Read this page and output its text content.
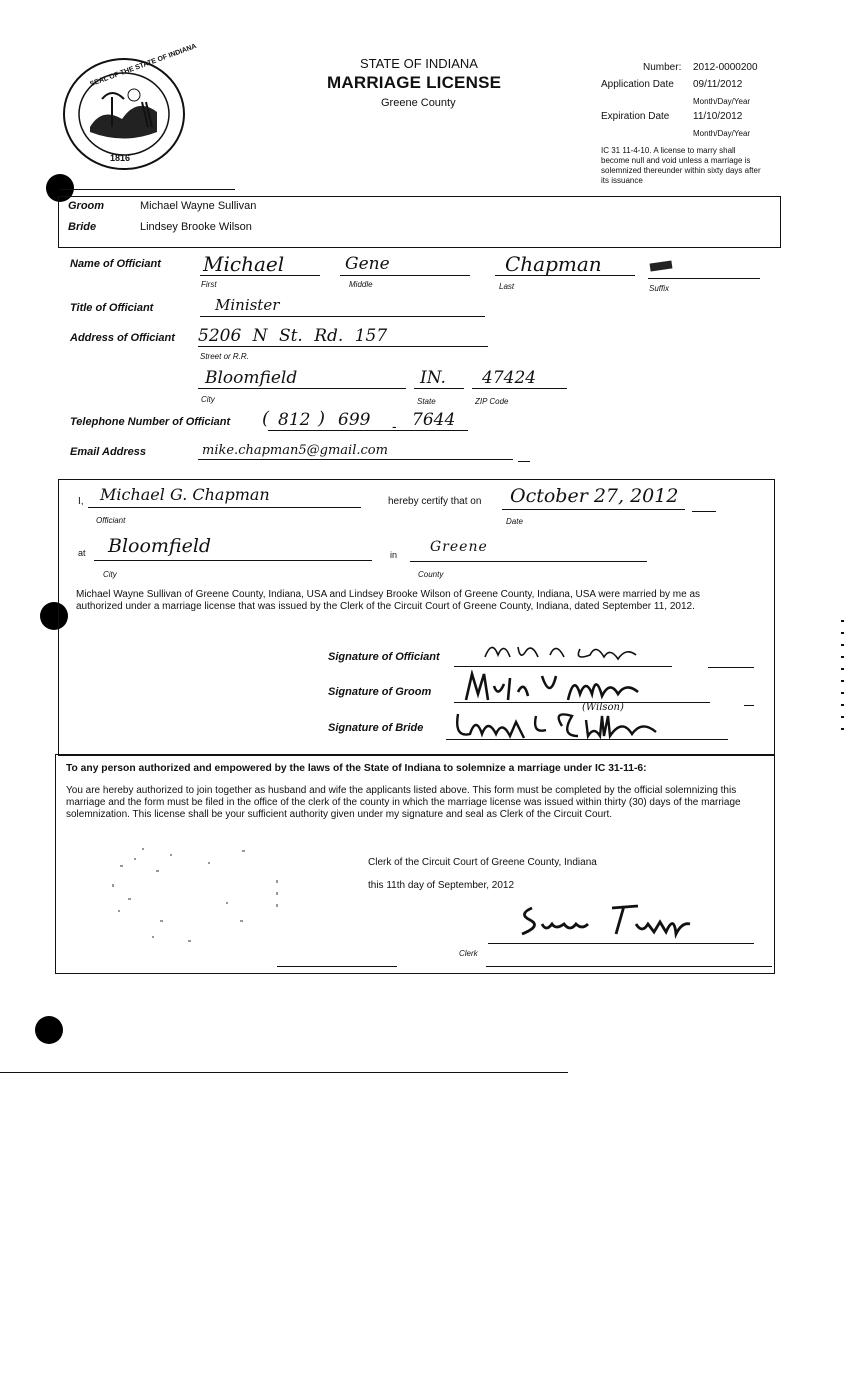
STATE OF INDIANA
MARRIAGE LICENSE
Greene County
SEAL OF THE STATE OF INDIANA
1816
Number: 2012-0000200
Application Date 09/11/2012
Month/Day/Year
Expiration Date 11/10/2012
Month/Day/Year
IC 31 11-4-10. A license to marry shall become null and void unless a marriage is solemnized thereunder within sixty days after its issuance
Groom	Michael Wayne Sullivan
Bride	Lindsey Brooke Wilson
Name of Officiant Michael	Gene	Chapman
First	Middle	Last	Suffix
Title of Officiant	Minister
Address of Officiant 5206 N St. Rd. 157
Street or R.R.
Bloomfield	IN. 47424
City	State	ZIP Code
Telephone Number of Officiant ( 812 ) 699 - 7644
Email Address	mike.chapman5@gmail.com
I, Michael G. Chapman
Officiant
hereby certify that on October 27, 2012
Date
at Bloomfield
City
in Greene
County
Michael Wayne Sullivan of Greene County, Indiana, USA and Lindsey Brooke Wilson of Greene County, Indiana, USA were married by me as authorized under a marriage license that was issued by the Clerk of the Circuit Court of Greene County, Indiana, dated September 11, 2012.
Signature of Officiant
Signature of Groom
(Wilson)
Signature of Bride
To any person authorized and empowered by the laws of the State of Indiana to solemnize a marriage under IC 31-11-6:
You are hereby authorized to join together as husband and wife the applicants listed above. This form must be completed by the official solemnizing this marriage and the form must be filed in the office of the clerk of the county in which the marriage license was issued within thirty (30) days of the marriage solemnization. This license shall be your sufficient authority given under my signature and seal as Clerk of the Circuit Court.
Clerk of the Circuit Court of Greene County, Indiana
this 11th day of September, 2012
Clerk
